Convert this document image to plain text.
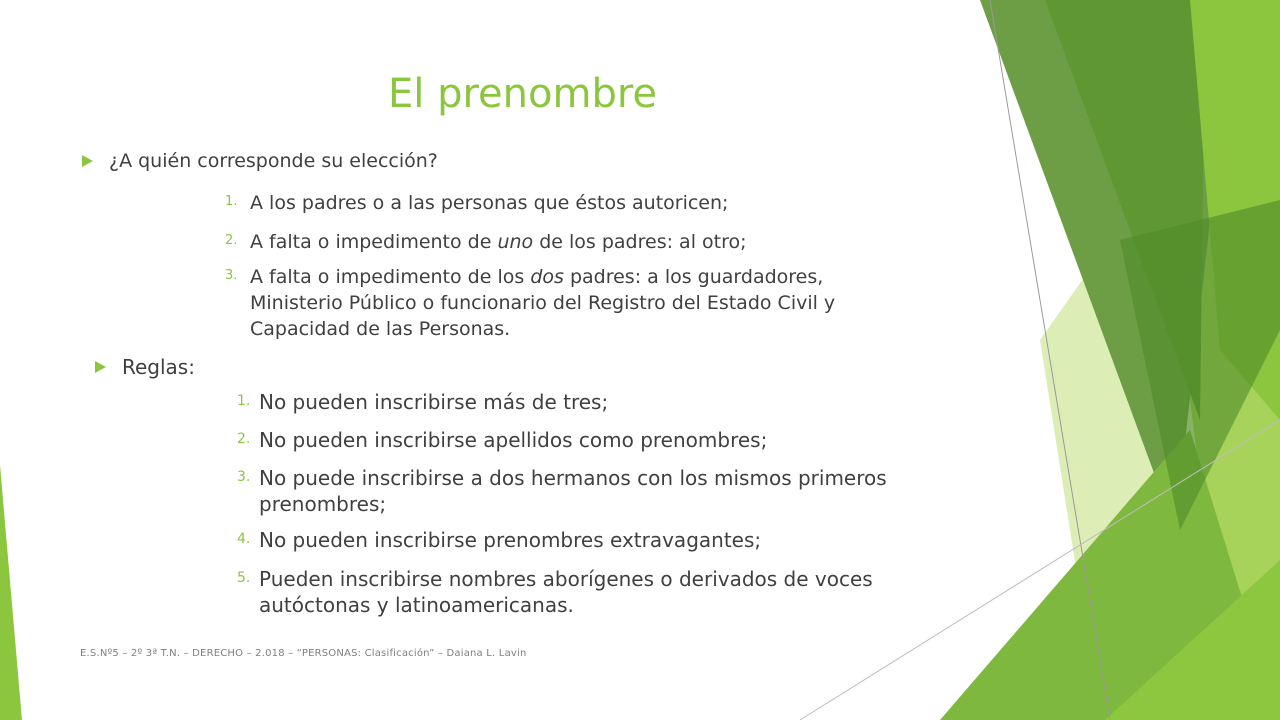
El prenombre
¿A quién corresponde su elección?
1. A los padres o a las personas que éstos autoricen;
2. A falta o impedimento de uno de los padres: al otro;
3. A falta o impedimento de los dos padres: a los guardadores, Ministerio Público o funcionario del Registro del Estado Civil y Capacidad de las Personas.
Reglas:
1. No pueden inscribirse más de tres;
2. No pueden inscribirse apellidos como prenombres;
3. No puede inscribirse a dos hermanos con los mismos primeros prenombres;
4. No pueden inscribirse prenombres extravagantes;
5. Pueden inscribirse nombres aborígenes o derivados de voces autóctonas y latinoamericanas.
E.S.Nº5 – 2º 3ª T.N. – DERECHO – 2.018 – “PERSONAS: Clasificación” – Daiana L. Lavin
